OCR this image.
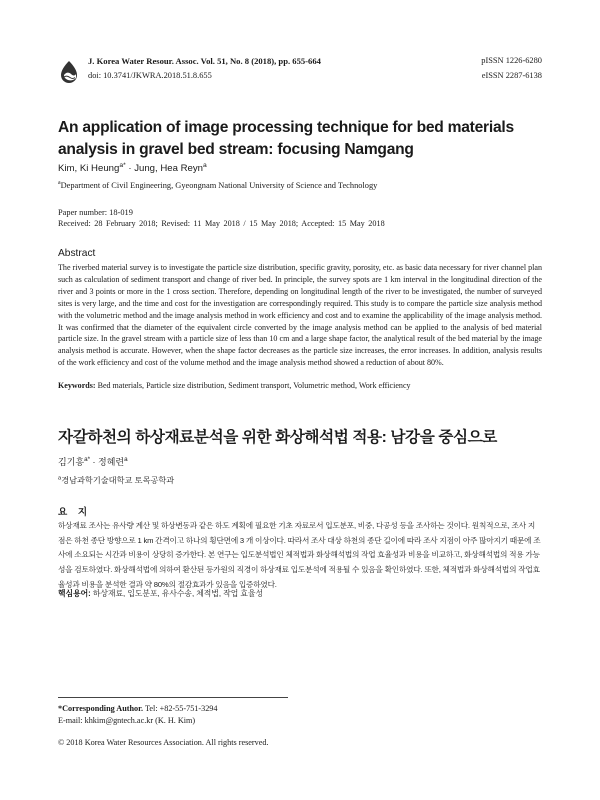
J. Korea Water Resour. Assoc. Vol. 51, No. 8 (2018), pp. 655-664
doi: 10.3741/JKWRA.2018.51.8.655
pISSN 1226-6280
eISSN 2287-6138
An application of image processing technique for bed materials analysis in gravel bed stream: focusing Namgang
Kim, Ki Heung$^{a*}$ · Jung, Hea Reyn$^a$
$^a$Department of Civil Engineering, Gyeongnam National University of Science and Technology
Paper number: 18-019
Received: 28 February 2018; Revised: 11 May 2018 / 15 May 2018; Accepted: 15 May 2018
Abstract
The riverbed material survey is to investigate the particle size distribution, specific gravity, porosity, etc. as basic data necessary for river channel plan such as calculation of sediment transport and change of river bed. In principle, the survey spots are 1 km interval in the longitudinal direction of the river and 3 points or more in the 1 cross section. Therefore, depending on longitudinal length of the river to be investigated, the number of surveyed sites is very large, and the time and cost for the investigation are correspondingly required. This study is to compare the particle size analysis method with the volumetric method and the image analysis method in work efficiency and cost and to examine the applicability of the image analysis method. It was confirmed that the diameter of the equivalent circle converted by the image analysis method can be applied to the analysis of bed material particle size. In the gravel stream with a particle size of less than 10 cm and a large shape factor, the analytical result of the bed material by the image analysis method is accurate. However, when the shape factor decreases as the particle size increases, the error increases. In addition, analysis results of the work efficiency and cost of the volume method and the image analysis method showed a reduction of about 80%.
Keywords: Bed materials, Particle size distribution, Sediment transport, Volumetric method, Work efficiency
자갈하천의 하상재료분석을 위한 화상해석법 적용: 남강을 중심으로
김기흥$^{a*}$ · 정혜련$^a$
$^a$경남과학기술대학교 토목공학과
요 지
하상재료 조사는 유사량 계산 및 하상변동과 같은 하도 계획에 필요한 기초 자료로서 입도분포, 비중, 다공성 등을 조사하는 것이다. 원칙적으로, 조사 지점은 하천 종단 방향으로 1 km 간격이고 하나의 횡단면에 3 개 이상이다. 따라서 조사 대상 하천의 종단 길이에 따라 조사 지점이 아주 많아지기 때문에 조사에 소요되는 시간과 비용이 상당히 증가한다. 본 연구는 입도분석법인 체적법과 화상해석법의 작업 효율성과 비용을 비교하고, 화상해석법의 적용 가능성을 검토하였다. 화상해석법에 의하여 환산된 등가원의 직경이 하상재료 입도분석에 적용될 수 있음을 확인하였다. 또한, 체적법과 화상해석법의 작업효율성과 비용을 분석한 결과 약 80%의 절감효과가 있음을 입증하였다.
핵심용어: 하상재료, 입도분포, 유사수송, 체적법, 작업 효율성
*Corresponding Author. Tel: +82-55-751-3294
E-mail: khkim@gntech.ac.kr (K. H. Kim)
© 2018 Korea Water Resources Association. All rights reserved.
